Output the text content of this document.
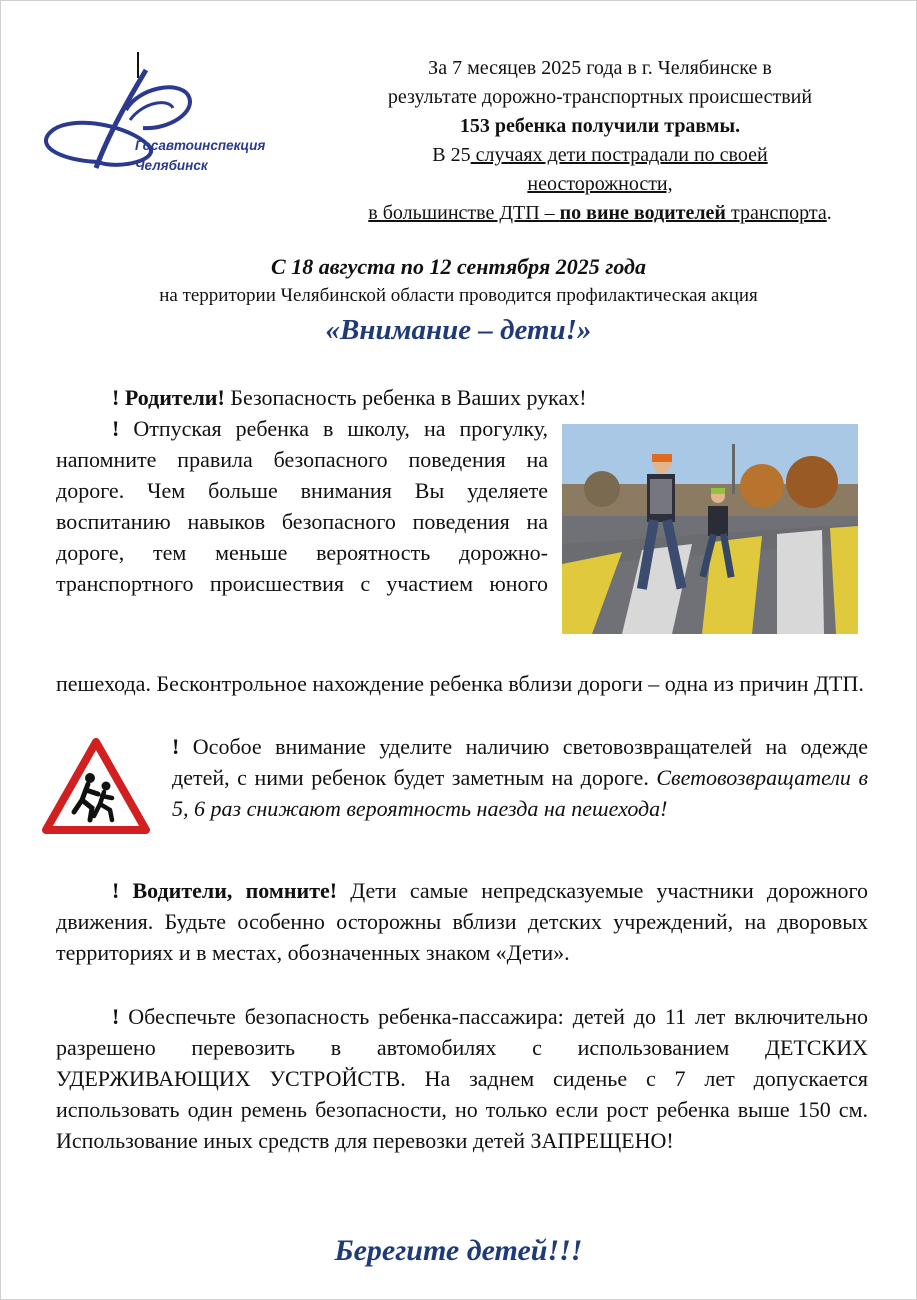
Госавтоинспекция
Челябинск
За 7 месяцев 2025 года в г. Челябинске в
результате дорожно-транспортных происшествий
153 ребенка получили травмы.
В 25 случаях дети пострадали по своей
неосторожности,
в большинстве ДТП – по вине водителей транспорта.
С 18 августа по 12 сентября 2025 года
на территории Челябинской области проводится профилактическая акция
«Внимание – дети!»
! Родители! Безопасность ребенка в Ваших руках!
! Отпуская ребенка в школу, на прогулку, напомните правила безопасного поведения на дороге. Чем больше внимания Вы уделяете воспитанию навыков безопасного поведения на дороге, тем меньше вероятность дорожно-транспортного происшествия с участием юного
пешехода. Бесконтрольное нахождение ребенка вблизи дороги – одна из причин ДТП.
! Особое внимание уделите наличию световозвращателей на одежде детей, с ними ребенок будет заметным на дороге. Световозвращатели в 5, 6 раз снижают вероятность наезда на пешехода!
! Водители, помните! Дети самые непредсказуемые участники дорожного движения. Будьте особенно осторожны вблизи детских учреждений, на дворовых территориях и в местах, обозначенных знаком «Дети».
! Обеспечьте безопасность ребенка-пассажира: детей до 11 лет включительно разрешено перевозить в автомобилях с использованием ДЕТСКИХ УДЕРЖИВАЮЩИХ УСТРОЙСТВ. На заднем сиденье с 7 лет допускается использовать один ремень безопасности, но только если рост ребенка выше 150 см. Использование иных средств для перевозки детей ЗАПРЕЩЕНО!
Берегите детей!!!
